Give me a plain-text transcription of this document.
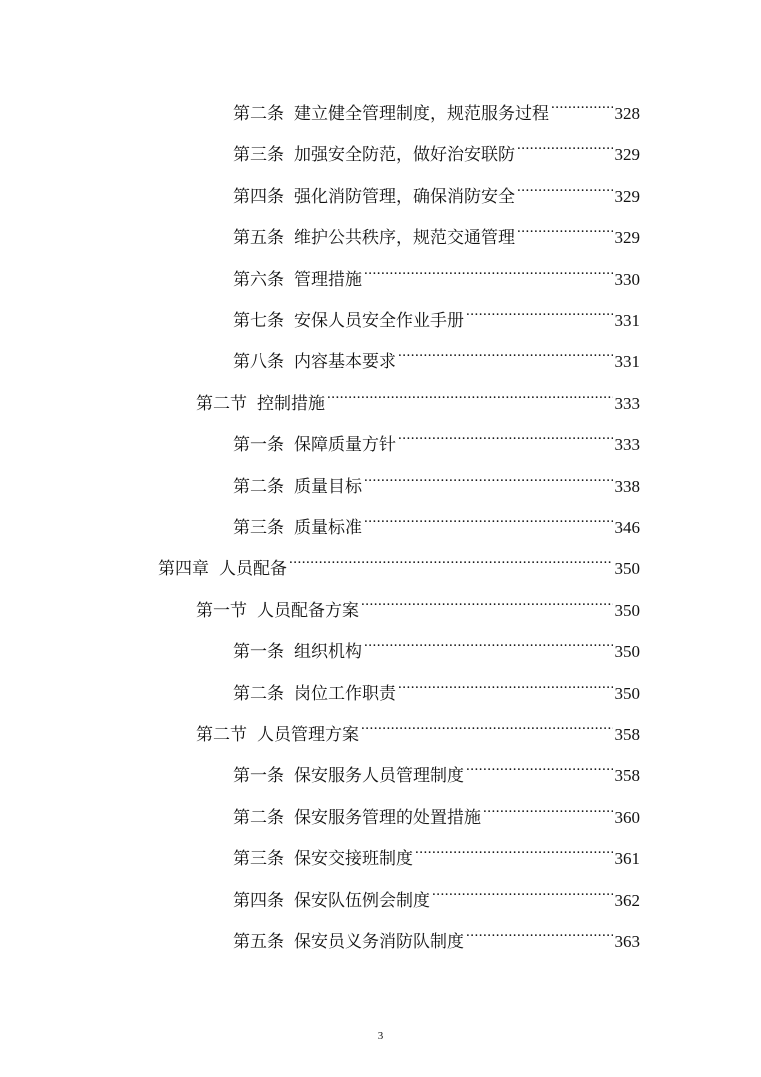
第二条 建立健全管理制度，规范服务过程 .....	328
第三条 加强安全防范，做好治安联防 .....	329
第四条 强化消防管理，确保消防安全 .....	329
第五条 维护公共秩序，规范交通管理 .....	329
第六条 管理措施 .....	330
第七条 安保人员安全作业手册 .....	331
第八条 内容基本要求 .....	331
第二节 控制措施 .....	333
第一条 保障质量方针 .....	333
第二条 质量目标 .....	338
第三条 质量标准 .....	346
第四章 人员配备 .....	350
第一节 人员配备方案 .....	350
第一条 组织机构 .....	350
第二条 岗位工作职责 .....	350
第二节 人员管理方案 .....	358
第一条 保安服务人员管理制度 .....	358
第二条 保安服务管理的处置措施 .....	360
第三条 保安交接班制度 .....	361
第四条 保安队伍例会制度 .....	362
第五条 保安员义务消防队制度 .....	363
3
